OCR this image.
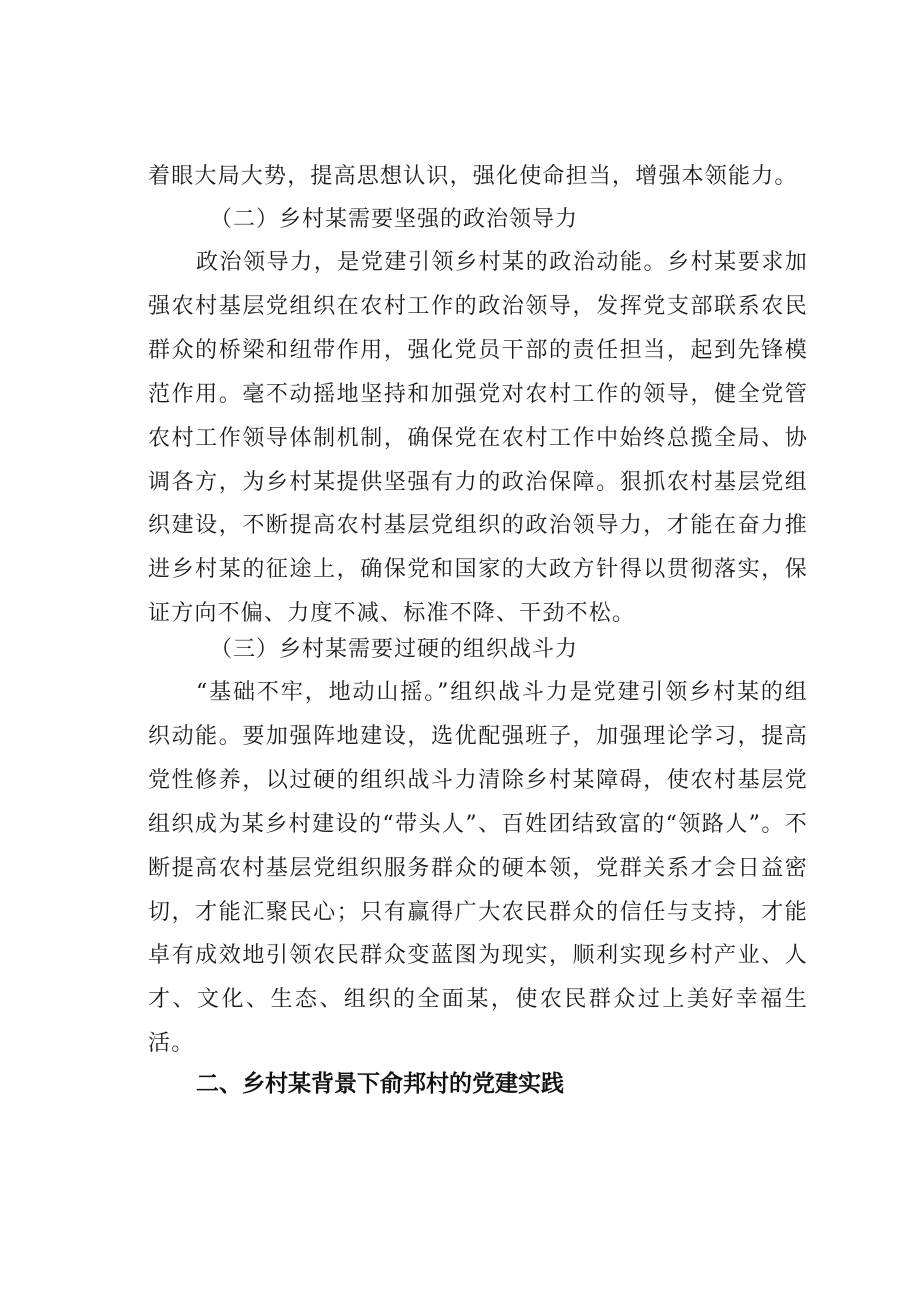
着眼大局大势，提高思想认识，强化使命担当，增强本领能力。

（二）乡村某需要坚强的政治领导力

政治领导力，是党建引领乡村某的政治动能。乡村某要求加强农村基层党组织在农村工作的政治领导，发挥党支部联系农民群众的桥梁和纽带作用，强化党员干部的责任担当，起到先锋模范作用。毫不动摇地坚持和加强党对农村工作的领导，健全党管农村工作领导体制机制，确保党在农村工作中始终总揽全局、协调各方，为乡村某提供坚强有力的政治保障。狠抓农村基层党组织建设，不断提高农村基层党组织的政治领导力，才能在奋力推进乡村某的征途上，确保党和国家的大政方针得以贯彻落实，保证方向不偏、力度不减、标准不降、干劲不松。

（三）乡村某需要过硬的组织战斗力

“基础不牢，地动山摇。”组织战斗力是党建引领乡村某的组织动能。要加强阵地建设，选优配强班子，加强理论学习，提高党性修养，以过硬的组织战斗力清除乡村某障碍，使农村基层党组织成为某乡村建设的“带头人”、百姓团结致富的“领路人”。不断提高农村基层党组织服务群众的硬本领，党群关系才会日益密切，才能汇聚民心；只有赢得广大农民群众的信任与支持，才能卓有成效地引领农民群众变蓝图为现实，顺利实现乡村产业、人才、文化、生态、组织的全面某，使农民群众过上美好幸福生活。

二、乡村某背景下俞邦村的党建实践
